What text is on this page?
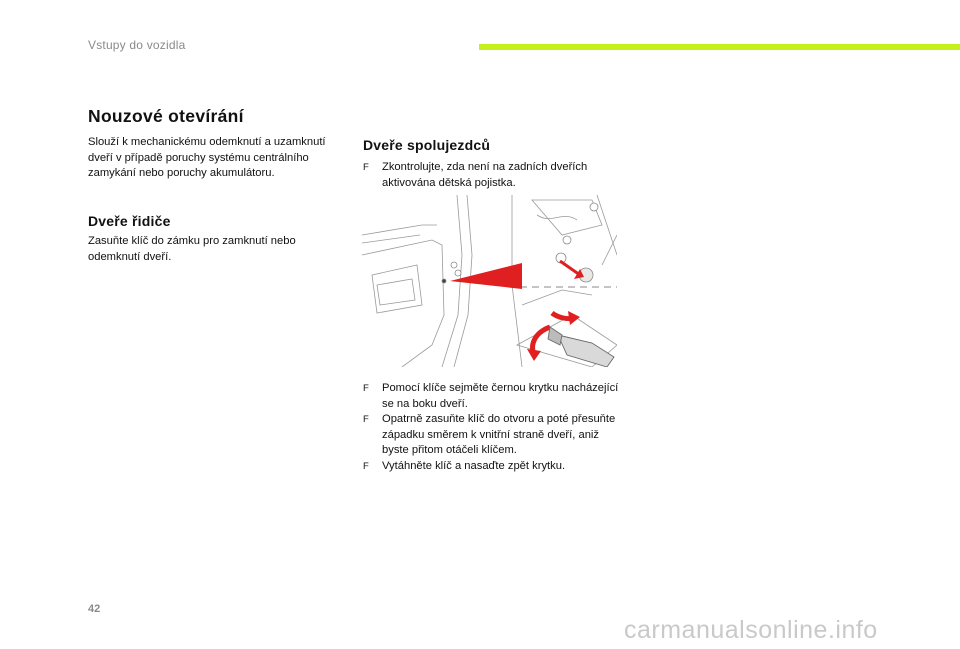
Vstupy do vozidla
Nouzové otevírání

Slouží k mechanickému odemknutí a uzamknutí dveří v případě poruchy systému centrálního zamykání nebo poruchy akumulátoru.

Dveře řidiče

Zasuňte klíč do zámku pro zamknutí nebo odemknutí dveří.

Dveře spolujezdců
F Zkontrolujte, zda není na zadních dveřích aktivována dětská pojistka.
F Pomocí klíče sejměte černou krytku nacházející se na boku dveří.
F Opatrně zasuňte klíč do otvoru a poté přesuňte západku směrem k vnitřní straně dveří, aniž byste přitom otáčeli klíčem.
F Vytáhněte klíč a nasaďte zpět krytku.
42
carmanualsonline.info
